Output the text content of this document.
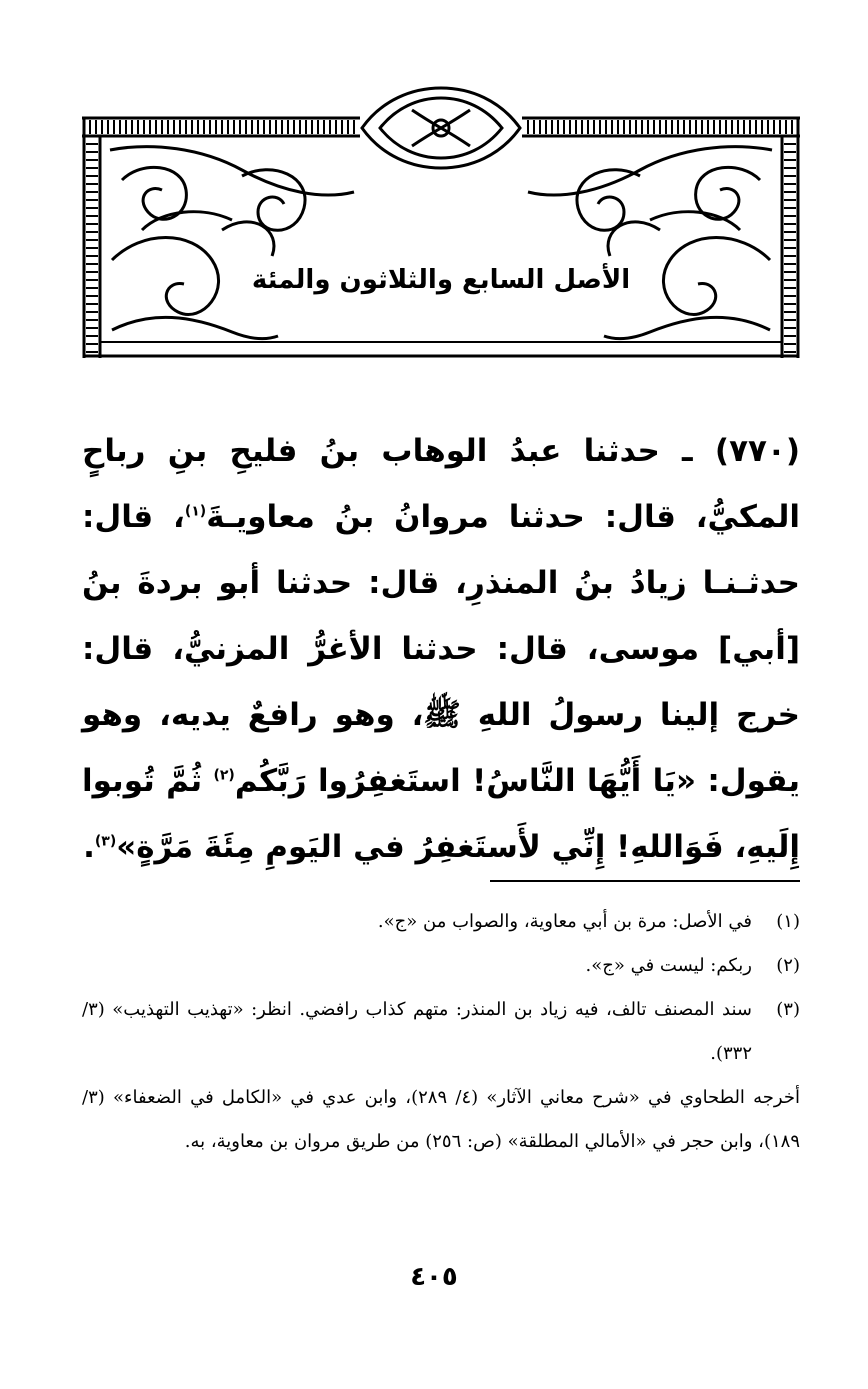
الأصل السابع والثلاثون والمئة

(٧٧٠) ـ حدثنا عبدُ الوهاب بنُ فليحِ بنِ رباحٍ المكيُّ، قال: حدثنا مروانُ بنُ معاويـةَ$^{(١)}$، قال: حدثـنـا زيادُ بنُ المنذرِ، قال: حدثنا أبو بردةَ بنُ [أبي] موسى، قال: حدثنا الأغرُّ المزنيُّ، قال: خرج إلينا رسولُ اللهِ ﷺ، وهو رافعٌ يديه، وهو يقول: «يَا أَيُّهَا النَّاسُ! استَغفِرُوا رَبَّكُم$^{(٢)}$ ثُمَّ تُوبوا إِلَيهِ، فَوَاللهِ! إِنِّي لأَستَغفِرُ في اليَومِ مِئَةَ مَرَّةٍ»$^{(٣)}$.

(١)
في الأصل: مرة بن أبي معاوية، والصواب من «ج».
(٢)
ربكم: ليست في «ج».
(٣)
سند المصنف تالف، فيه زياد بن المنذر: متهم كذاب رافضي. انظر: «تهذيب التهذيب» (٣/ ٣٣٢).

أخرجه الطحاوي في «شرح معاني الآثار» (٤/ ٢٨٩)، وابن عدي في «الكامل في الضعفاء» (٣/ ١٨٩)، وابن حجر في «الأمالي المطلقة» (ص: ٢٥٦) من طريق مروان بن معاوية، به.

٤٠٥
